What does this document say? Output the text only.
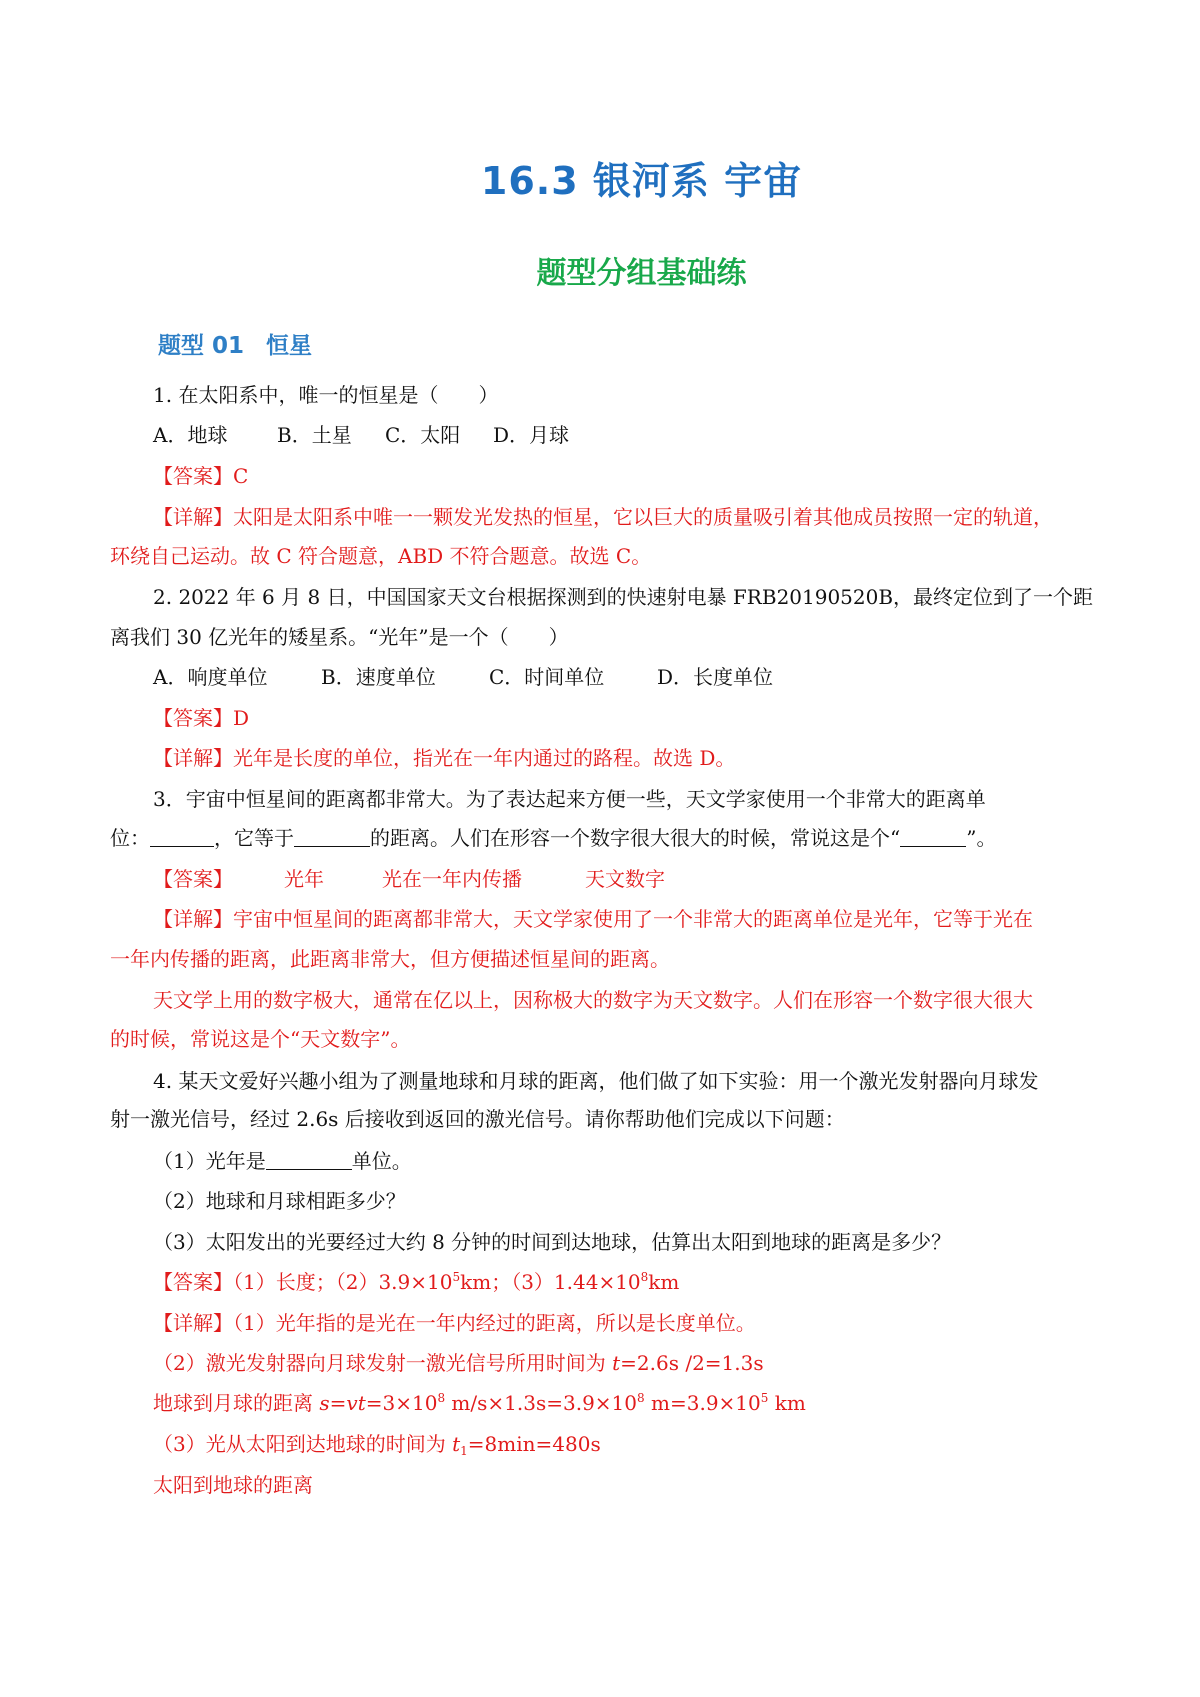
16.3 银河系 宇宙
题型分组基础练
题型 01 恒星
1. 在太阳系中，唯一的恒星是（　　）
A．地球 B．土星 C．太阳 D．月球
【答案】C
【详解】太阳是太阳系中唯一一颗发光发热的恒星，它以巨大的质量吸引着其他成员按照一定的轨道，
环绕自己运动。故 C 符合题意，ABD 不符合题意。故选 C。
2. 2022 年 6 月 8 日，中国国家天文台根据探测到的快速射电暴 FRB20190520B，最终定位到了一个距
离我们 30 亿光年的矮星系。“光年”是一个（　　）
A．响度单位	B．速度单位	C．时间单位	D．长度单位
【答案】D
【详解】光年是长度的单位，指光在一年内通过的路程。故选 D。
3．宇宙中恒星间的距离都非常大。为了表达起来方便一些，天文学家使用一个非常大的距离单
位：	，它等于	的距离。人们在形容一个数字很大很大的时候，常说这是个“	”。
【答案】	光年	光在一年内传播	天文数字
【详解】宇宙中恒星间的距离都非常大，天文学家使用了一个非常大的距离单位是光年，它等于光在
一年内传播的距离，此距离非常大，但方便描述恒星间的距离。
天文学上用的数字极大，通常在亿以上，因称极大的数字为天文数字。人们在形容一个数字很大很大
的时候，常说这是个“天文数字”。
4. 某天文爱好兴趣小组为了测量地球和月球的距离，他们做了如下实验：用一个激光发射器向月球发
射一激光信号，经过 2.6s 后接收到返回的激光信号。请你帮助他们完成以下问题：
（1）光年是	单位。
（2）地球和月球相距多少？
（3）太阳发出的光要经过大约 8 分钟的时间到达地球，估算出太阳到地球的距离是多少？
【答案】（1）长度；$(2)3.9\times 10^5km$；$(3)1.44\times 10^8km$
【详解】（1）光年指的是光在一年内经过的距离，所以是长度单位。
（2）激光发射器向月球发射一激光信号所用时间为 t=2.6s /2=1.3s
地球到月球的距离 $s=vt=3\times 10^8$ $m/s\times 1.3s=3.9\times 10^8$ $m=3.9\times 10^5$ km
（3）光从太阳到达地球的时间为 $t_1=8\min=480s$
太阳到地球的距离
